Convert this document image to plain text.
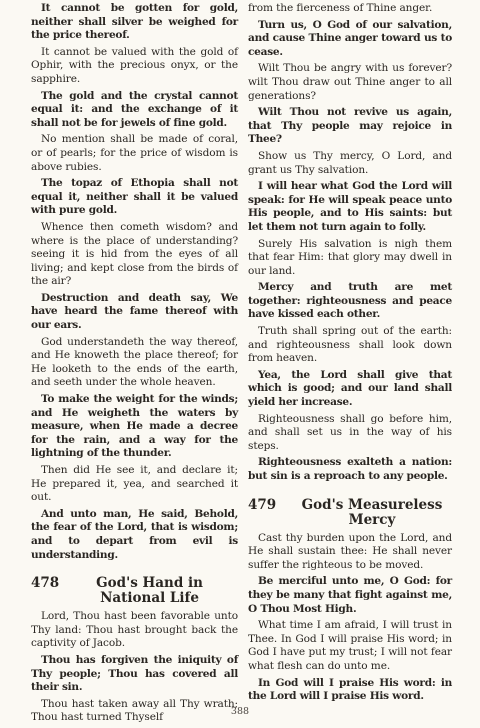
It cannot be gotten for gold, neither shall silver be weighed for the price thereof.

It cannot be valued with the gold of Ophir, with the precious onyx, or the sapphire.

The gold and the crystal cannot equal it: and the exchange of it shall not be for jewels of fine gold.

No mention shall be made of coral, or of pearls; for the price of wisdom is above rubies.

The topaz of Ethopia shall not equal it, neither shall it be valued with pure gold.

Whence then cometh wisdom? and where is the place of understanding? seeing it is hid from the eyes of all living; and kept close from the birds of the air?

Destruction and death say, We have heard the fame thereof with our ears.

God understandeth the way thereof, and He knoweth the place thereof; for He looketh to the ends of the earth, and seeth under the whole heaven.

To make the weight for the winds; and He weigheth the waters by measure, when He made a decree for the rain, and a way for the lightning of the thunder.

Then did He see it, and declare it; He prepared it, yea, and searched it out.

And unto man, He said, Behold, the fear of the Lord, that is wisdom; and to depart from evil is understanding.

478	God's Hand in
National Life

Lord, Thou hast been favorable unto Thy land: Thou hast brought back the captivity of Jacob.

Thou has forgiven the iniquity of Thy people; Thou has covered all their sin.

Thou hast taken away all Thy wrath; Thou hast turned Thyself

from the fierceness of Thine anger.

Turn us, O God of our salvation, and cause Thine anger toward us to cease.

Wilt Thou be angry with us forever? wilt Thou draw out Thine anger to all generations?

Wilt Thou not revive us again, that Thy people may rejoice in Thee?

Show us Thy mercy, O Lord, and grant us Thy salvation.

I will hear what God the Lord will speak: for He will speak peace unto His people, and to His saints: but let them not turn again to folly.

Surely His salvation is nigh them that fear Him: that glory may dwell in our land.

Mercy and truth are met together: righteousness and peace have kissed each other.

Truth shall spring out of the earth: and righteousness shall look down from heaven.

Yea, the Lord shall give that which is good; and our land shall yield her increase.

Righteousness shall go before him, and shall set us in the way of his steps.

Righteousness exalteth a nation: but sin is a reproach to any people.

479	God's Measureless
Mercy

Cast thy burden upon the Lord, and He shall sustain thee: He shall never suffer the righteous to be moved.

Be merciful unto me, O God: for they be many that fight against me, O Thou Most High.

What time I am afraid, I will trust in Thee. In God I will praise His word; in God I have put my trust; I will not fear what flesh can do unto me.

In God will I praise His word: in the Lord will I praise His word.

388
